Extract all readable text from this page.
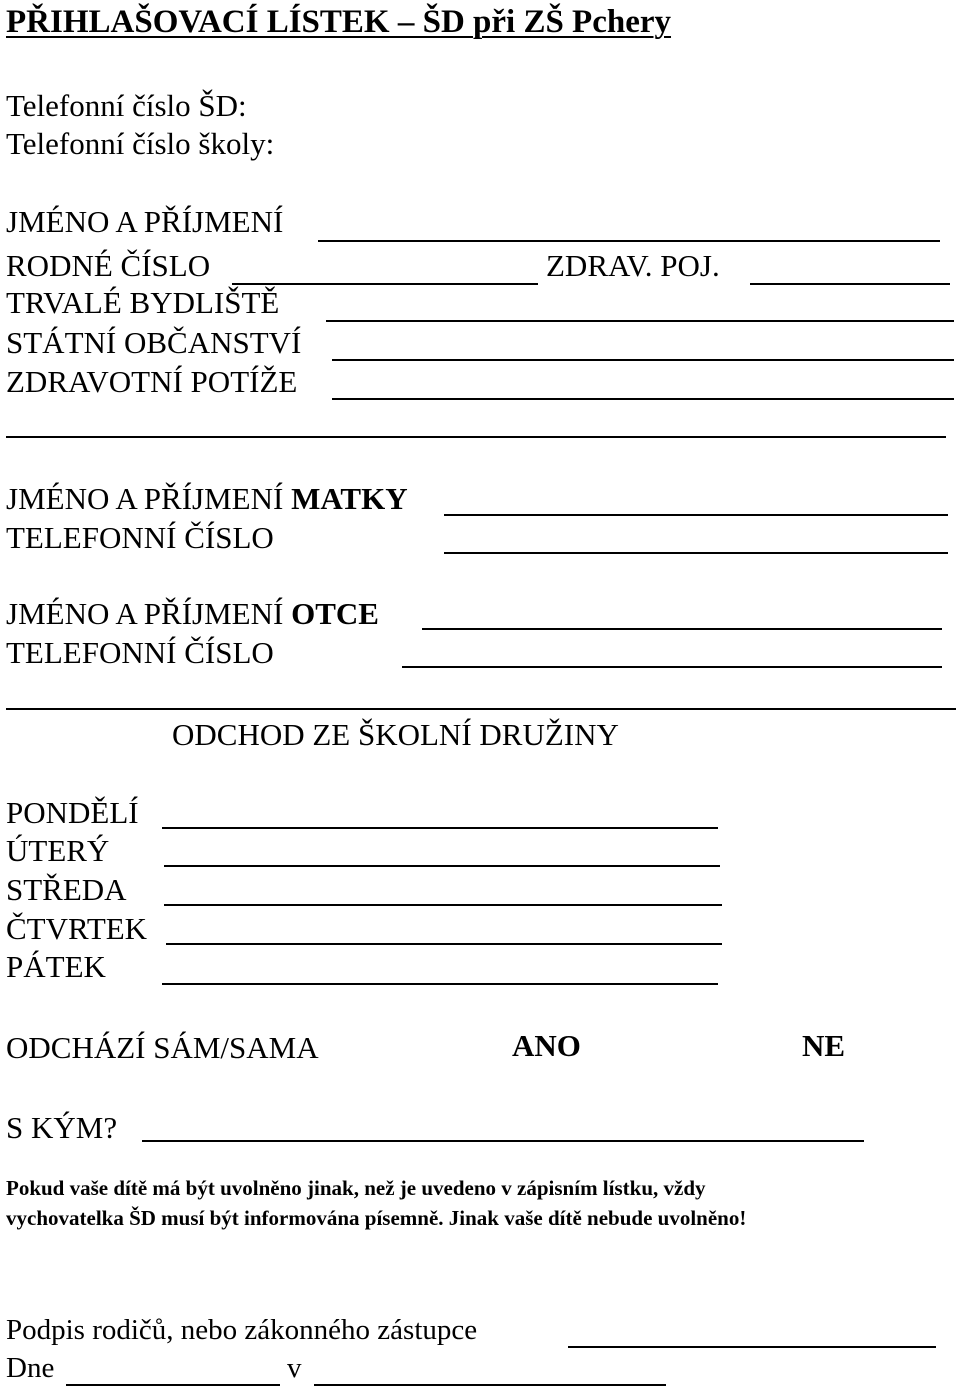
PŘIHLAŠOVACÍ LÍSTEK – ŠD při ZŠ Pchery
Telefonní číslo ŠD:
Telefonní číslo školy:
JMÉNO A PŘÍJMENÍ
RODNÉ ČÍSLO	ZDRAV. POJ.
TRVALÉ BYDLIŠTĚ
STÁTNÍ OBČANSTVÍ
ZDRAVOTNÍ POTÍŽE
JMÉNO A PŘÍJMENÍ MATKY
TELEFONNÍ ČÍSLO
JMÉNO A PŘÍJMENÍ OTCE
TELEFONNÍ ČÍSLO
ODCHOD ZE ŠKOLNÍ DRUŽINY
PONDĚLÍ
ÚTERÝ
STŘEDA
ČTVRTEK
PÁTEK
ODCHÁZÍ SÁM/SAMA	ANO	NE
S KÝM?
Pokud vaše dítě má být uvolněno jinak, než je uvedeno v zápisním lístku, vždy
vychovatelka ŠD musí být informována písemně. Jinak vaše dítě nebude uvolněno!
Podpis rodičů, nebo zákonného zástupce
Dne	v
